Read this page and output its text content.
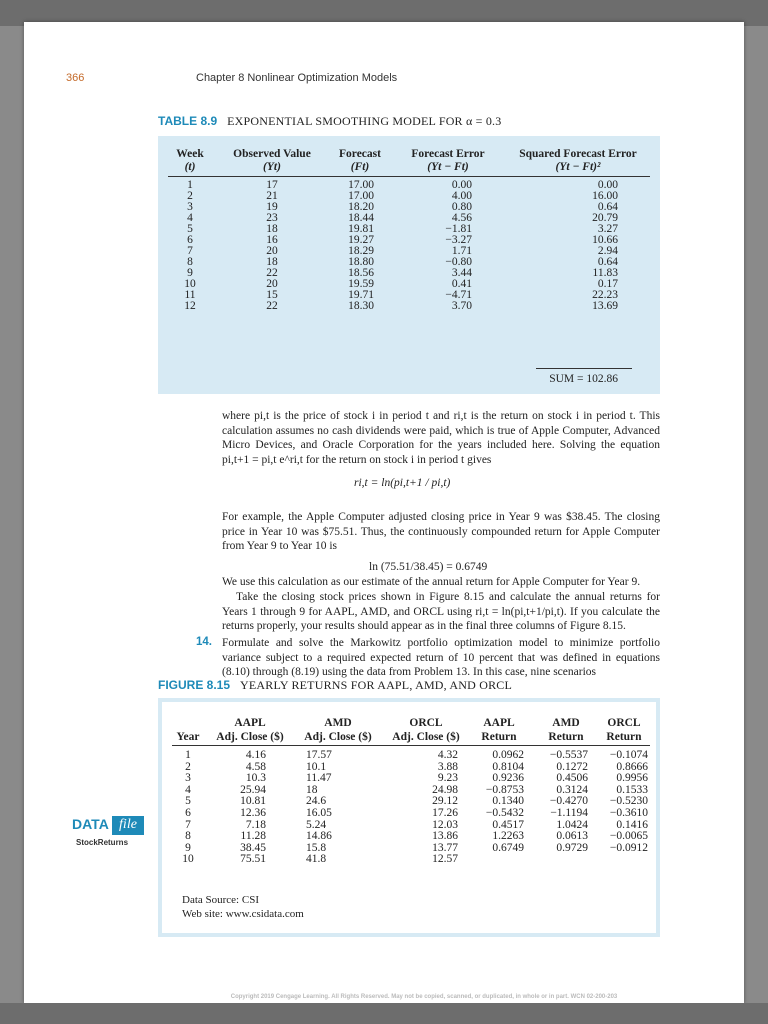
366	Chapter 8 Nonlinear Optimization Models
TABLE 8.9 EXPONENTIAL SMOOTHING MODEL FOR α = 0.3
Week
(t)
Observed Value
(Yt)
Forecast
(Ft)
Forecast Error
(Yt − Ft)
Squared Forecast Error
(Yt − Ft)²
1
2
3
4
5
6
7
8
9
10
11
12
17
21
19
23
18
16
20
18
22
20
15
22
17.00
17.00
18.20
18.44
19.81
19.27
18.29
18.80
18.56
19.59
19.71
18.30
0.00
4.00
0.80
4.56
−1.81
−3.27
1.71
−0.80
3.44
0.41
−4.71
3.70
0.00
16.00
0.64
20.79
3.27
10.66
2.94
0.64
11.83
0.17
22.23
13.69
SUM = 102.86
where pi,t is the price of stock i in period t and ri,t is the return on stock i in period t. This calculation assumes no cash dividends were paid, which is true of Apple Computer, Advanced Micro Devices, and Oracle Corporation for the years included here. Solving the equation pi,t+1 = pi,t e^ri,t for the return on stock i in period t gives
ri,t = ln(pi,t+1 / pi,t)
For example, the Apple Computer adjusted closing price in Year 9 was $38.45. The closing price in Year 10 was $75.51. Thus, the continuously compounded return for Apple Computer from Year 9 to Year 10 is
ln (75.51/38.45) = 0.6749
We use this calculation as our estimate of the annual return for Apple Computer for Year 9.
Take the closing stock prices shown in Figure 8.15 and calculate the annual returns for Years 1 through 9 for AAPL, AMD, and ORCL using ri,t = ln(pi,t+1/pi,t). If you calculate the returns properly, your results should appear as in the final three columns of Figure 8.15.
14. Formulate and solve the Markowitz portfolio optimization model to minimize portfolio variance subject to a required expected return of 10 percent that was defined in equations (8.10) through (8.19) using the data from Problem 13. In this case, nine scenarios
FIGURE 8.15 YEARLY RETURNS FOR AAPL, AMD, AND ORCL
Year
AAPL
Adj. Close ($)
AMD
Adj. Close ($)
ORCL
Adj. Close ($)
AAPL
Return
AMD
Return
ORCL
Return
1
2
3
4
5
6
7
8
9
10
4.16
4.58
10.3
25.94
10.81
12.36
7.18
11.28
38.45
75.51
17.57
10.1
11.47
18
24.6
16.05
5.24
14.86
15.8
41.8
4.32
3.88
9.23
24.98
29.12
17.26
12.03
13.86
13.77
12.57
0.0962
0.8104
0.9236
−0.8753
0.1340
−0.5432
0.4517
1.2263
0.6749
−0.5537
0.1272
0.4506
0.3124
−0.4270
−1.1194
1.0424
0.0613
0.9729
−0.1074
0.8666
0.9956
0.1533
−0.5230
−0.3610
0.1416
−0.0065
−0.0912
Data Source: CSI
Web site: www.csidata.com
DATA file
StockReturns
Copyright 2019 Cengage Learning. All Rights Reserved. May not be copied, scanned, or duplicated, in whole or in part. WCN 02-200-203
